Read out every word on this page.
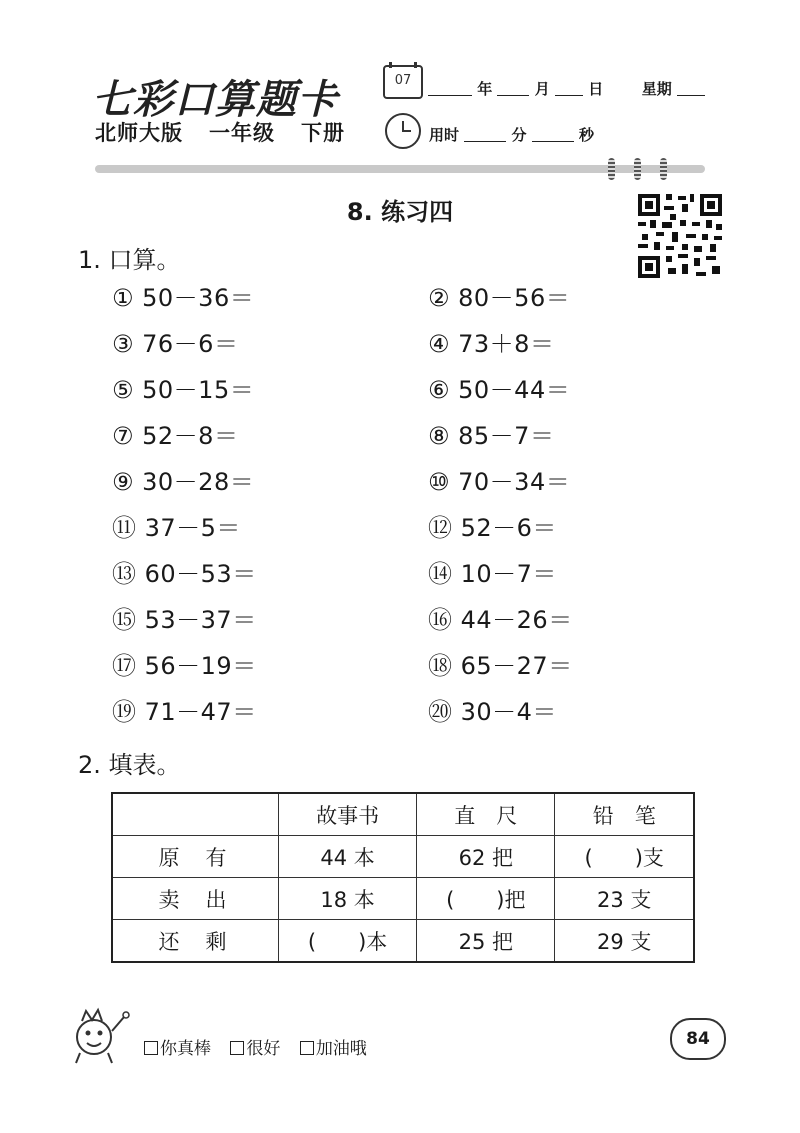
七彩口算题卡	07	年	月	日	星期
北师大版 一年级 下册	用时	分	秒
8. 练习四
1. 口算。
① 50－36＝	② 80－56＝
③ 76－6＝	④ 73＋8＝
⑤ 50－15＝	⑥ 50－44＝
⑦ 52－8＝	⑧ 85－7＝
⑨ 30－28＝	⑩ 70－34＝
⑪ 37－5＝	⑫ 52－6＝
⑬ 60－53＝	⑭ 10－7＝
⑮ 53－37＝	⑯ 44－26＝
⑰ 56－19＝	⑱ 65－27＝
⑲ 71－47＝	⑳ 30－4＝
2. 填表。
	故事书	直　尺	铅　笔
原有	44 本	62 把	(　　)支
卖出	18 本	(　　)把	23 支
还剩	(　　)本	25 把	29 支
你真棒 很好 加油哦	84
